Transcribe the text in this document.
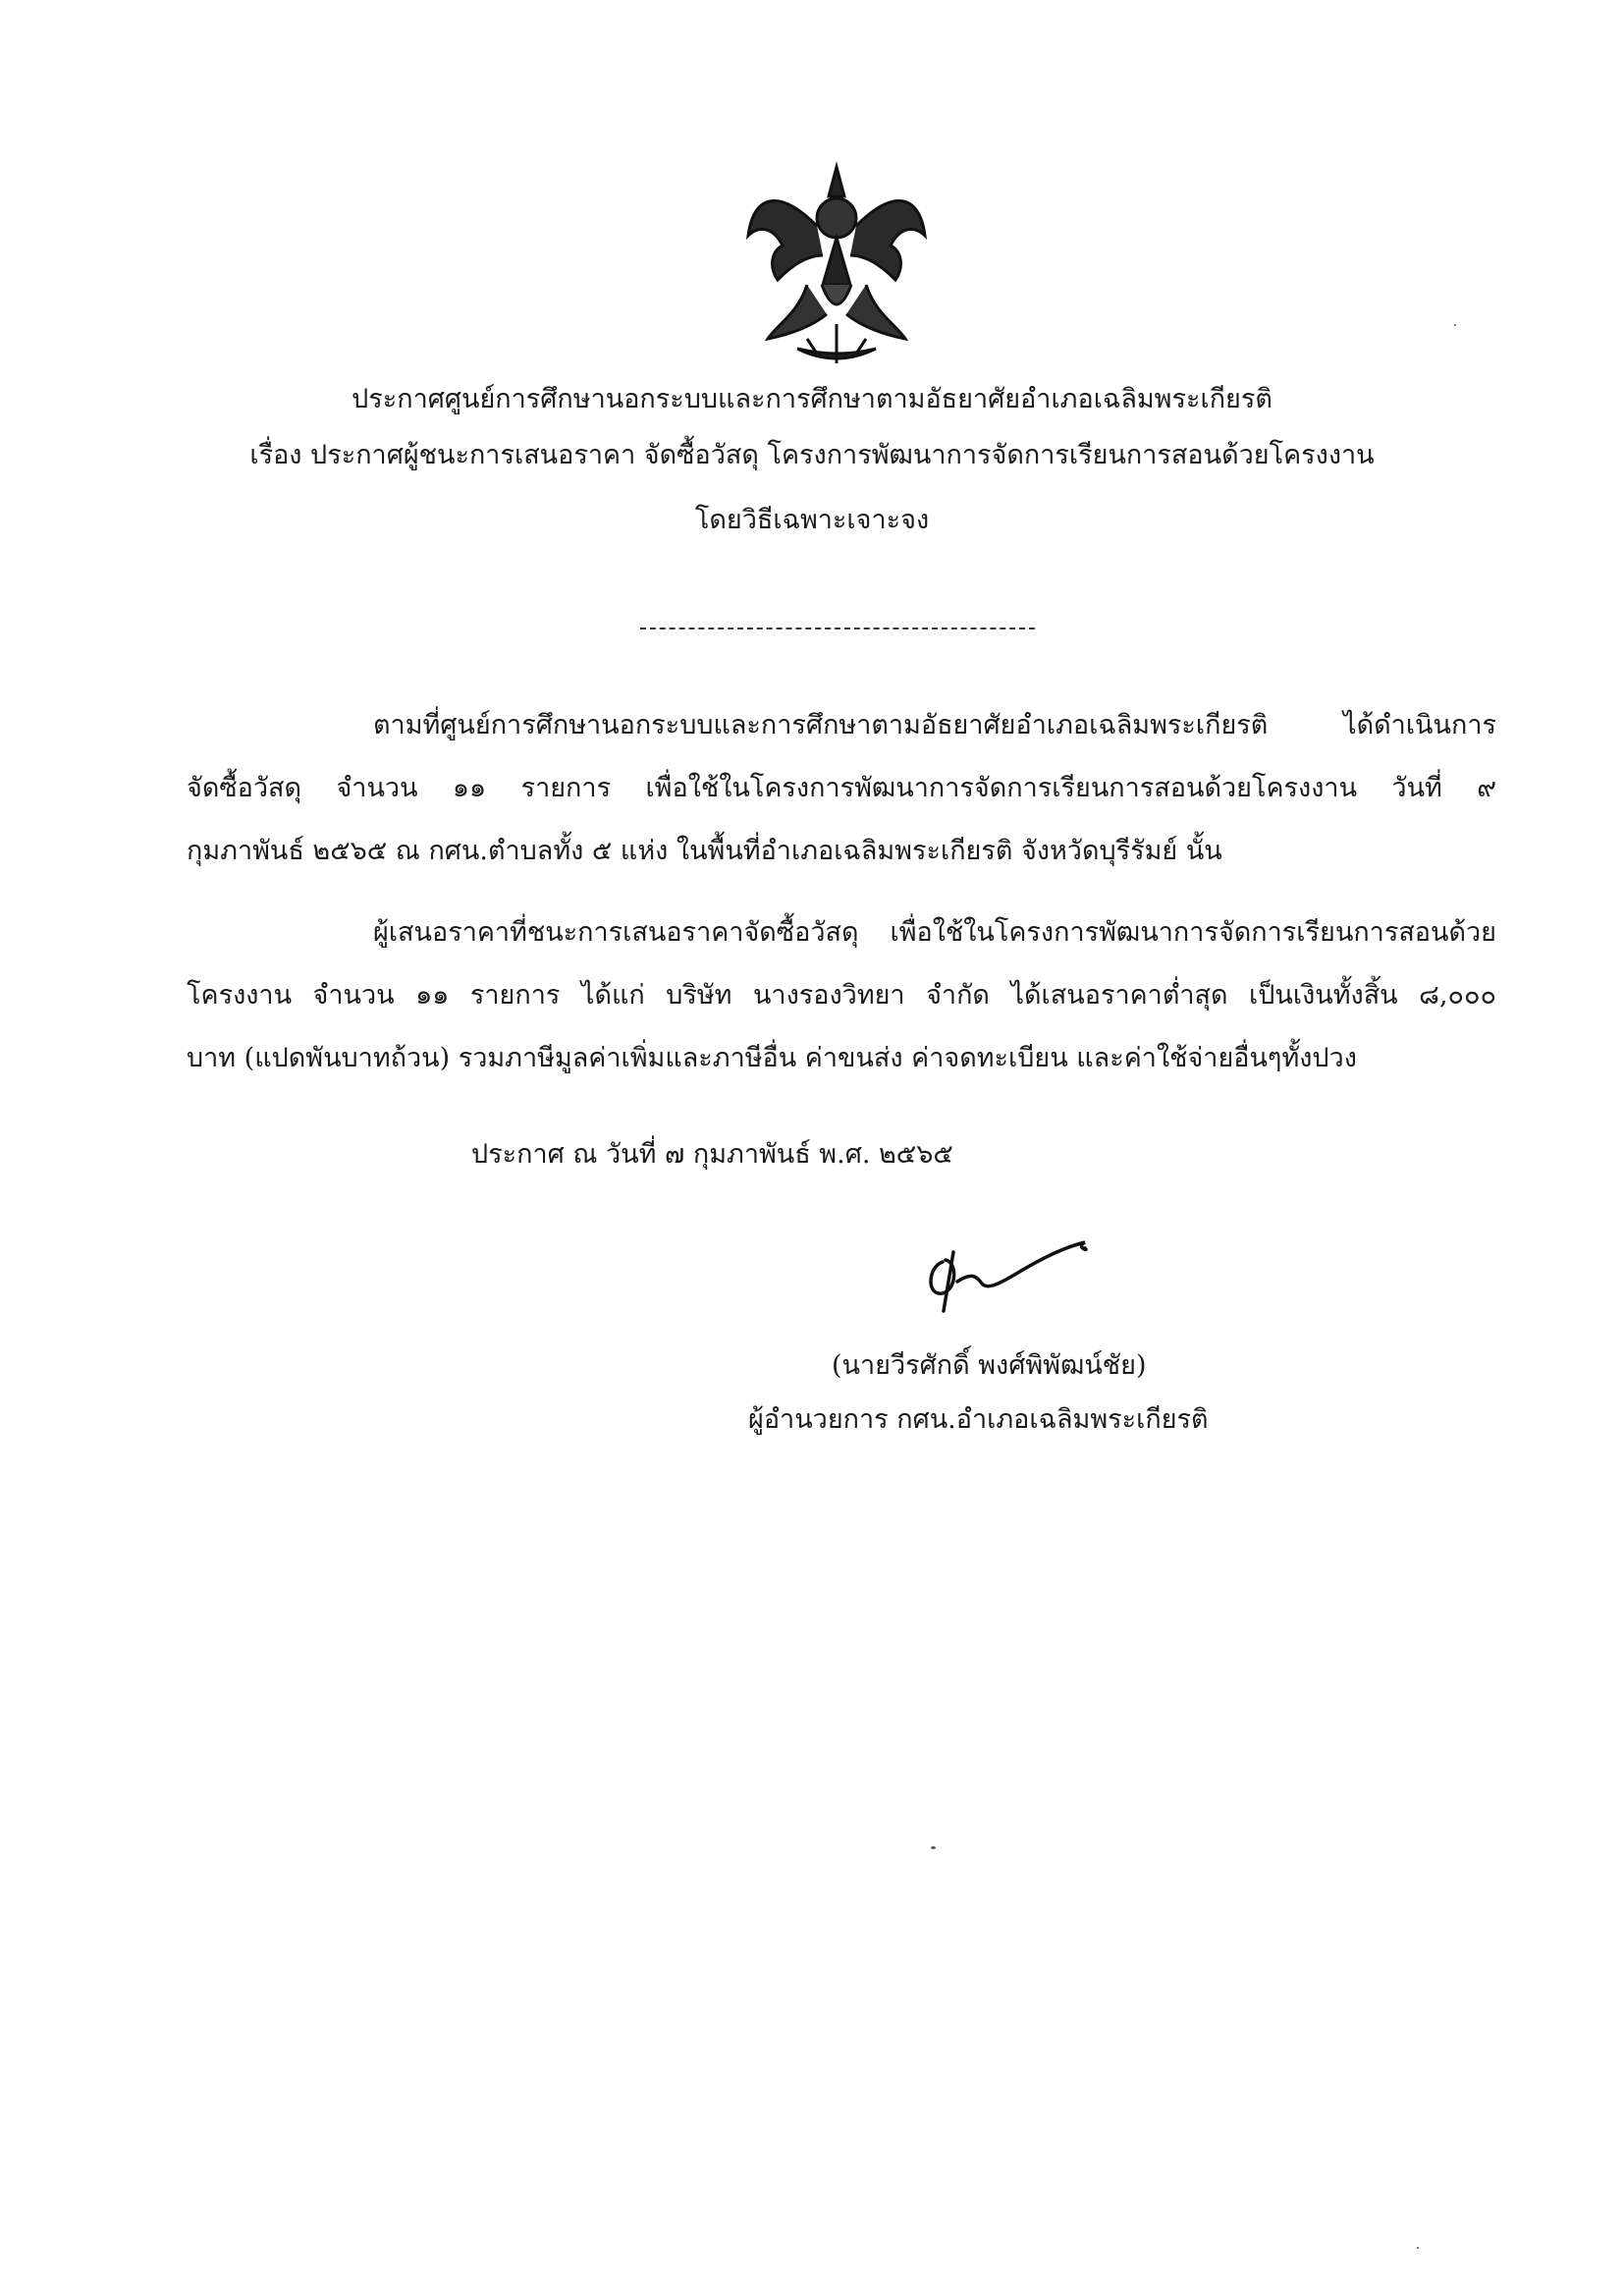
ประกาศศูนย์การศึกษานอกระบบและการศึกษาตามอัธยาศัยอำเภอเฉลิมพระเกียรติ
เรื่อง ประกาศผู้ชนะการเสนอราคา จัดซื้อวัสดุ โครงการพัฒนาการจัดการเรียนการสอนด้วยโครงงาน
โดยวิธีเฉพาะเจาะจง
ตามที่ศูนย์การศึกษานอกระบบและการศึกษาตามอัธยาศัยอำเภอเฉลิมพระเกียรติ ได้ดำเนินการ
จัดซื้อวัสดุ จำนวน ๑๑ รายการ เพื่อใช้ในโครงการพัฒนาการจัดการเรียนการสอนด้วยโครงงาน วันที่ ๙
กุมภาพันธ์ ๒๕๖๕ ณ กศน.ตำบลทั้ง ๕ แห่ง ในพื้นที่อำเภอเฉลิมพระเกียรติ จังหวัดบุรีรัมย์ นั้น
ผู้เสนอราคาที่ชนะการเสนอราคาจัดซื้อวัสดุ เพื่อใช้ในโครงการพัฒนาการจัดการเรียนการสอนด้วย
โครงงาน จำนวน ๑๑ รายการ ได้แก่ บริษัท นางรองวิทยา จำกัด ได้เสนอราคาต่ำสุด เป็นเงินทั้งสิ้น ๘,๐๐๐
บาท (แปดพันบาทถ้วน) รวมภาษีมูลค่าเพิ่มและภาษีอื่น ค่าขนส่ง ค่าจดทะเบียน และค่าใช้จ่ายอื่นๆทั้งปวง
ประกาศ ณ วันที่ ๗ กุมภาพันธ์ พ.ศ. ๒๕๖๕
(นายวีรศักดิ์ พงศ์พิพัฒน์ชัย)
ผู้อำนวยการ กศน.อำเภอเฉลิมพระเกียรติ
